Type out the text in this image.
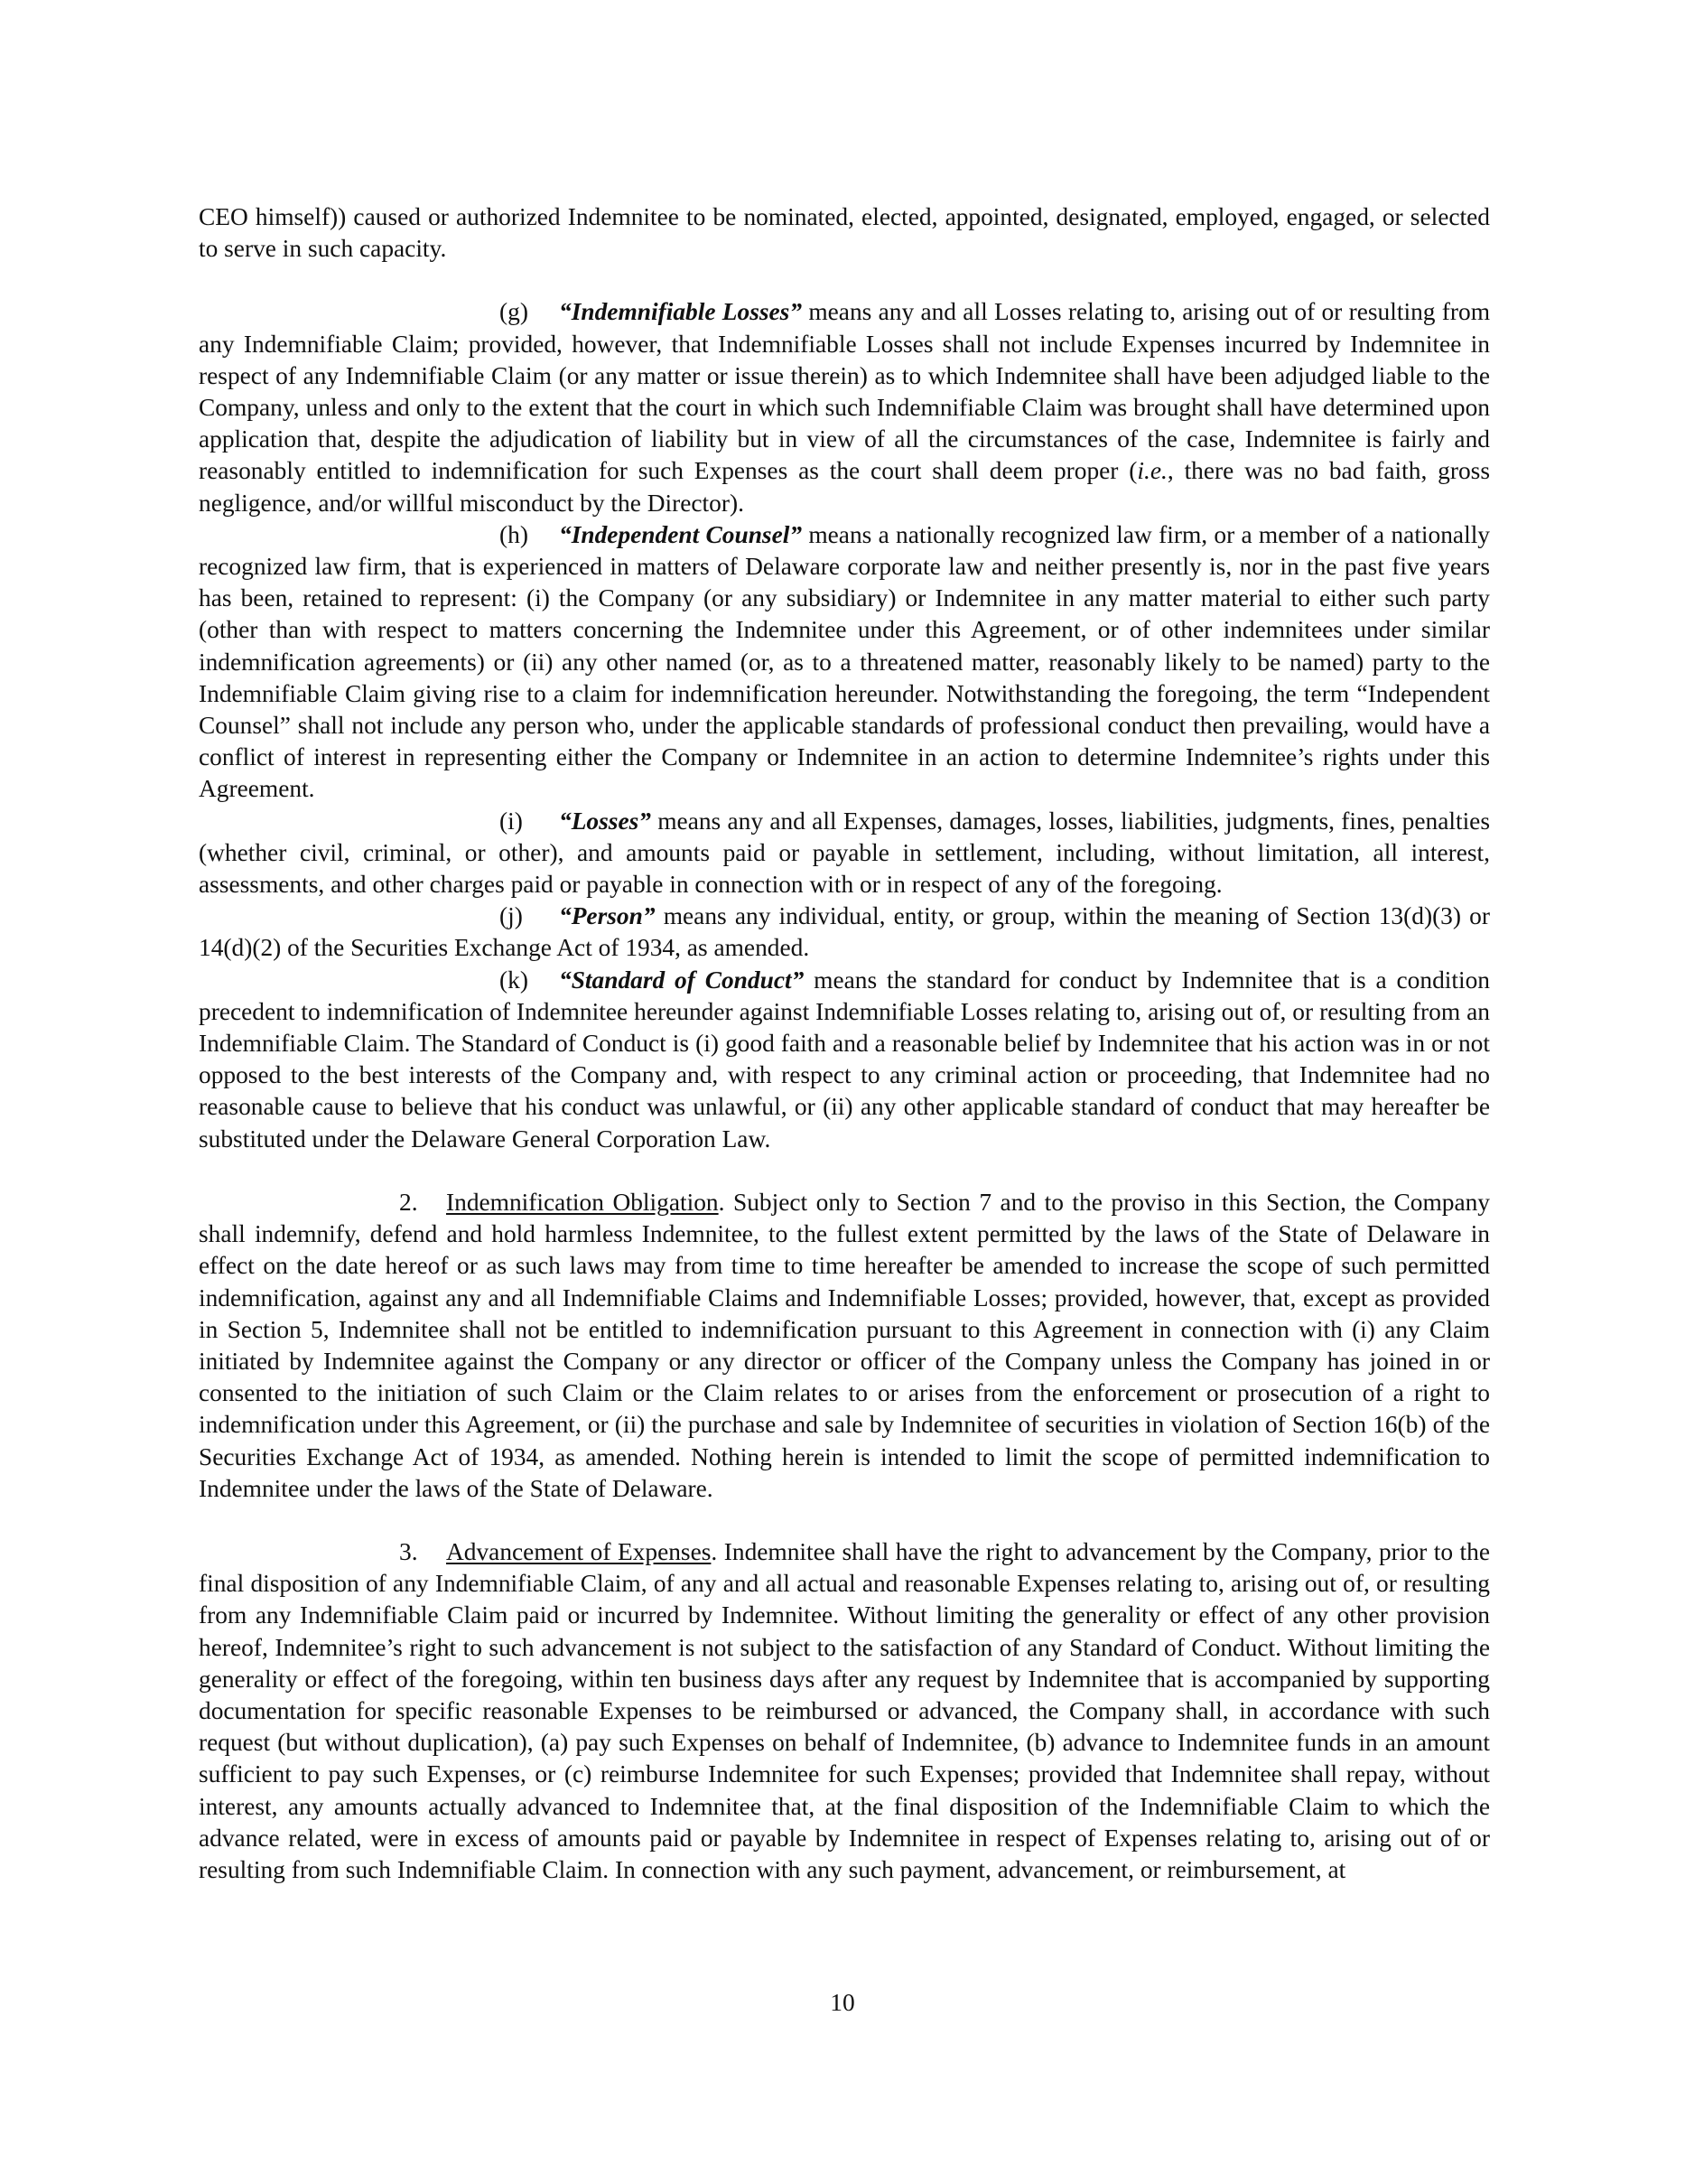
CEO himself)) caused or authorized Indemnitee to be nominated, elected, appointed, designated, employed, engaged, or selected to serve in such capacity.

(g) “Indemnifiable Losses” means any and all Losses relating to, arising out of or resulting from any Indemnifiable Claim; provided, however, that Indemnifiable Losses shall not include Expenses incurred by Indemnitee in respect of any Indemnifiable Claim (or any matter or issue therein) as to which Indemnitee shall have been adjudged liable to the Company, unless and only to the extent that the court in which such Indemnifiable Claim was brought shall have determined upon application that, despite the adjudication of liability but in view of all the circumstances of the case, Indemnitee is fairly and reasonably entitled to indemnification for such Expenses as the court shall deem proper (i.e., there was no bad faith, gross negligence, and/or willful misconduct by the Director).

(h) “Independent Counsel” means a nationally recognized law firm, or a member of a nationally recognized law firm, that is experienced in matters of Delaware corporate law and neither presently is, nor in the past five years has been, retained to represent: (i) the Company (or any subsidiary) or Indemnitee in any matter material to either such party (other than with respect to matters concerning the Indemnitee under this Agreement, or of other indemnitees under similar indemnification agreements) or (ii) any other named (or, as to a threatened matter, reasonably likely to be named) party to the Indemnifiable Claim giving rise to a claim for indemnification hereunder. Notwithstanding the foregoing, the term “Independent Counsel” shall not include any person who, under the applicable standards of professional conduct then prevailing, would have a conflict of interest in representing either the Company or Indemnitee in an action to determine Indemnitee’s rights under this Agreement.

(i) “Losses” means any and all Expenses, damages, losses, liabilities, judgments, fines, penalties (whether civil, criminal, or other), and amounts paid or payable in settlement, including, without limitation, all interest, assessments, and other charges paid or payable in connection with or in respect of any of the foregoing.

(j) “Person” means any individual, entity, or group, within the meaning of Section 13(d)(3) or 14(d)(2) of the Securities Exchange Act of 1934, as amended.

(k) “Standard of Conduct” means the standard for conduct by Indemnitee that is a condition precedent to indemnification of Indemnitee hereunder against Indemnifiable Losses relating to, arising out of, or resulting from an Indemnifiable Claim. The Standard of Conduct is (i) good faith and a reasonable belief by Indemnitee that his action was in or not opposed to the best interests of the Company and, with respect to any criminal action or proceeding, that Indemnitee had no reasonable cause to believe that his conduct was unlawful, or (ii) any other applicable standard of conduct that may hereafter be substituted under the Delaware General Corporation Law.

2. Indemnification Obligation. Subject only to Section 7 and to the proviso in this Section, the Company shall indemnify, defend and hold harmless Indemnitee, to the fullest extent permitted by the laws of the State of Delaware in effect on the date hereof or as such laws may from time to time hereafter be amended to increase the scope of such permitted indemnification, against any and all Indemnifiable Claims and Indemnifiable Losses; provided, however, that, except as provided in Section 5, Indemnitee shall not be entitled to indemnification pursuant to this Agreement in connection with (i) any Claim initiated by Indemnitee against the Company or any director or officer of the Company unless the Company has joined in or consented to the initiation of such Claim or the Claim relates to or arises from the enforcement or prosecution of a right to indemnification under this Agreement, or (ii) the purchase and sale by Indemnitee of securities in violation of Section 16(b) of the Securities Exchange Act of 1934, as amended. Nothing herein is intended to limit the scope of permitted indemnification to Indemnitee under the laws of the State of Delaware.

3. Advancement of Expenses. Indemnitee shall have the right to advancement by the Company, prior to the final disposition of any Indemnifiable Claim, of any and all actual and reasonable Expenses relating to, arising out of, or resulting from any Indemnifiable Claim paid or incurred by Indemnitee. Without limiting the generality or effect of any other provision hereof, Indemnitee’s right to such advancement is not subject to the satisfaction of any Standard of Conduct. Without limiting the generality or effect of the foregoing, within ten business days after any request by Indemnitee that is accompanied by supporting documentation for specific reasonable Expenses to be reimbursed or advanced, the Company shall, in accordance with such request (but without duplication), (a) pay such Expenses on behalf of Indemnitee, (b) advance to Indemnitee funds in an amount sufficient to pay such Expenses, or (c) reimburse Indemnitee for such Expenses; provided that Indemnitee shall repay, without interest, any amounts actually advanced to Indemnitee that, at the final disposition of the Indemnifiable Claim to which the advance related, were in excess of amounts paid or payable by Indemnitee in respect of Expenses relating to, arising out of or resulting from such Indemnifiable Claim. In connection with any such payment, advancement, or reimbursement, at

10
